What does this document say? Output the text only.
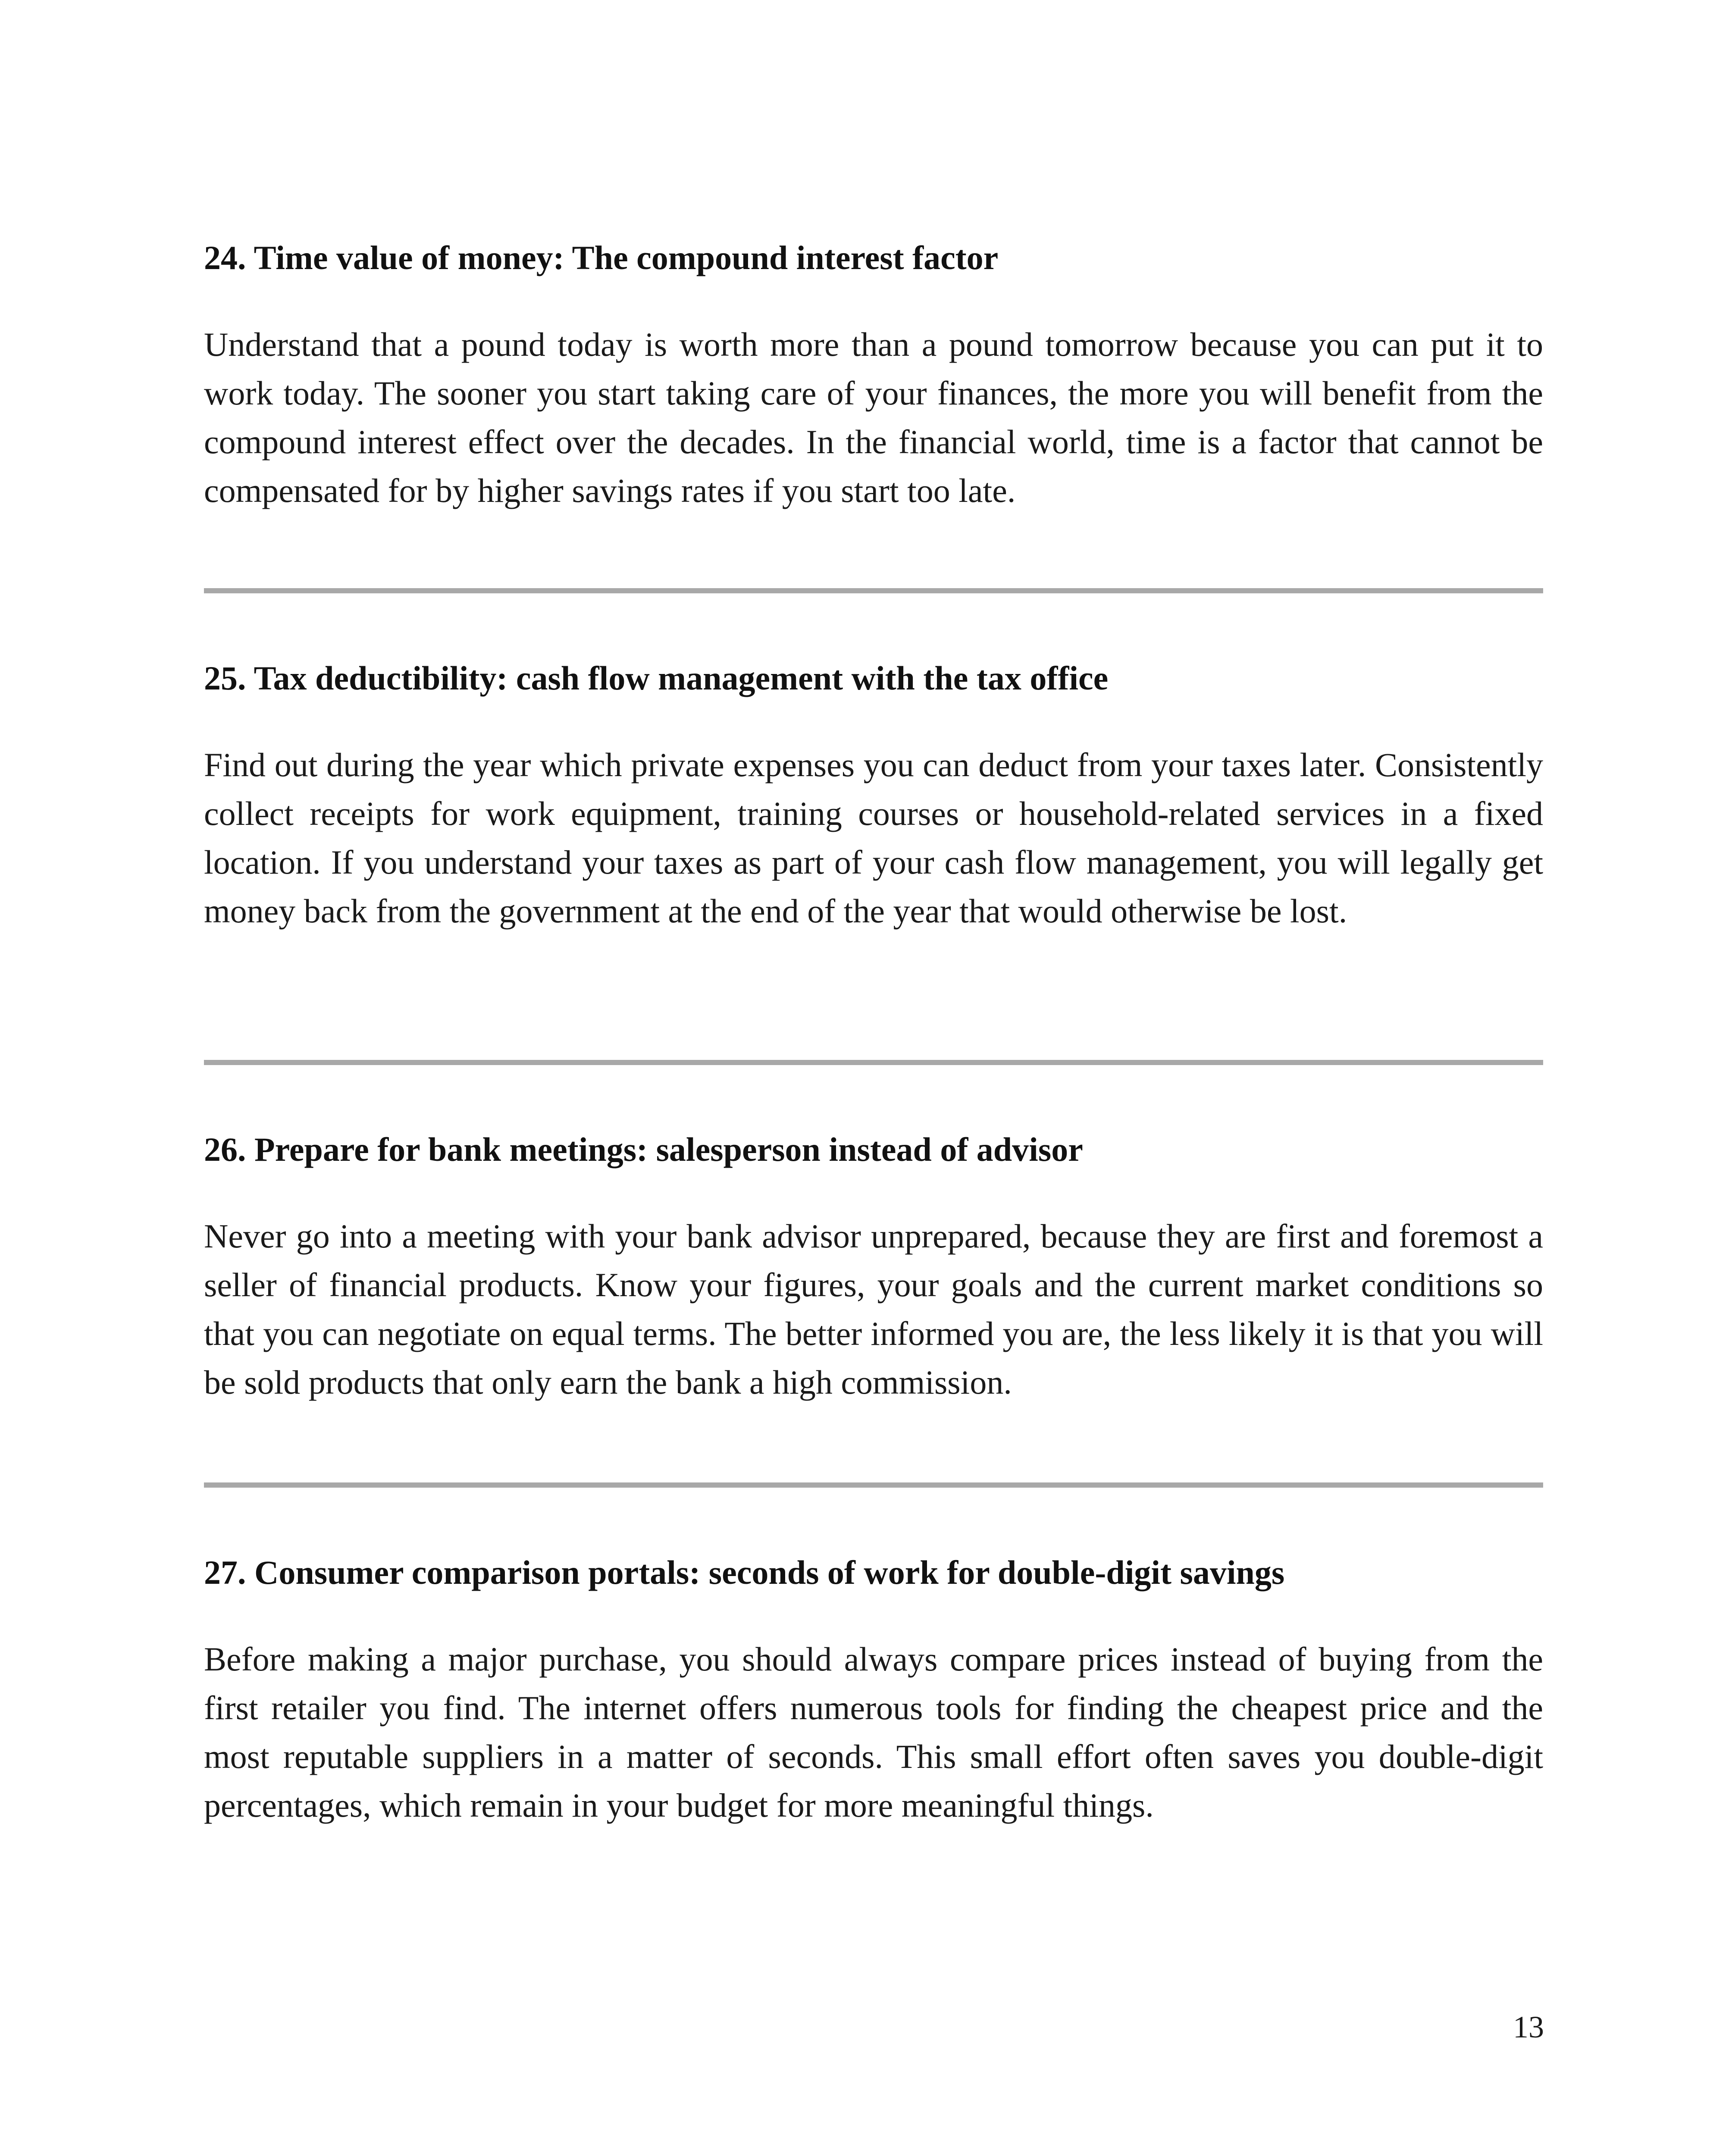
24. Time value of money: The compound interest factor

Understand that a pound today is worth more than a pound tomorrow because you can put it to work today. The sooner you start taking care of your finances, the more you will benefit from the compound interest effect over the decades. In the financial world, time is a factor that cannot be compensated for by higher savings rates if you start too late.

25. Tax deductibility: cash flow management with the tax office

Find out during the year which private expenses you can deduct from your taxes later. Consistently collect receipts for work equipment, training courses or household-related services in a fixed location. If you understand your taxes as part of your cash flow management, you will legally get money back from the government at the end of the year that would otherwise be lost.

26. Prepare for bank meetings: salesperson instead of advisor

Never go into a meeting with your bank advisor unprepared, because they are first and foremost a seller of financial products. Know your figures, your goals and the current market conditions so that you can negotiate on equal terms. The better informed you are, the less likely it is that you will be sold products that only earn the bank a high commission.

27. Consumer comparison portals: seconds of work for double-digit savings

Before making a major purchase, you should always compare prices instead of buying from the first retailer you find. The internet offers numerous tools for finding the cheapest price and the most reputable suppliers in a matter of seconds. This small effort often saves you double-digit percentages, which remain in your budget for more meaningful things.

13
